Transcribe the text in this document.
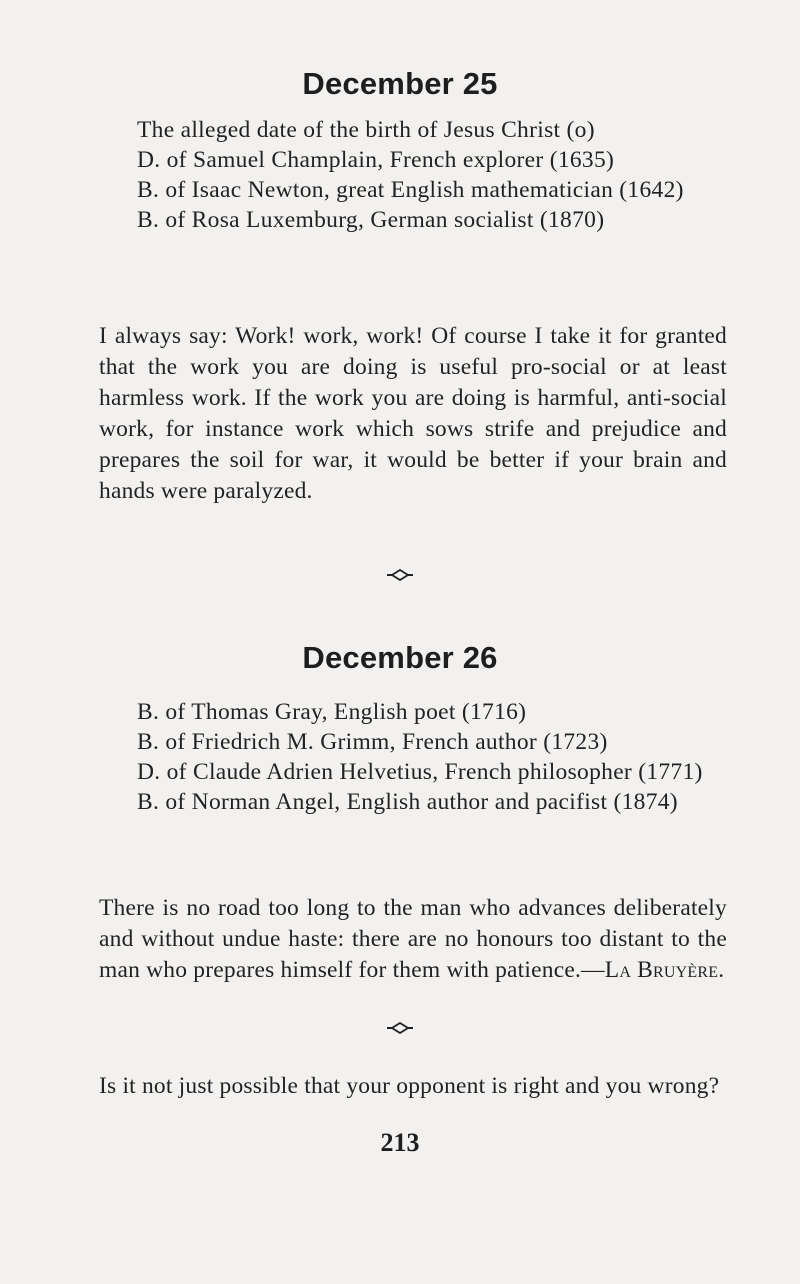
December 25
The alleged date of the birth of Jesus Christ (o)
D. of Samuel Champlain, French explorer (1635)
B. of Isaac Newton, great English mathematician (1642)
B. of Rosa Luxemburg, German socialist (1870)
I always say: Work! work, work! Of course I take it for granted that the work you are doing is useful pro-social or at least harmless work. If the work you are doing is harmful, anti-social work, for instance work which sows strife and prejudice and prepares the soil for war, it would be better if your brain and hands were paralyzed.
December 26
B. of Thomas Gray, English poet (1716)
B. of Friedrich M. Grimm, French author (1723)
D. of Claude Adrien Helvetius, French philosopher (1771)
B. of Norman Angel, English author and pacifist (1874)
There is no road too long to the man who advances deliberately and without undue haste: there are no honours too distant to the man who prepares himself for them with patience.—La Bruyère.
Is it not just possible that your opponent is right and you wrong?
213
